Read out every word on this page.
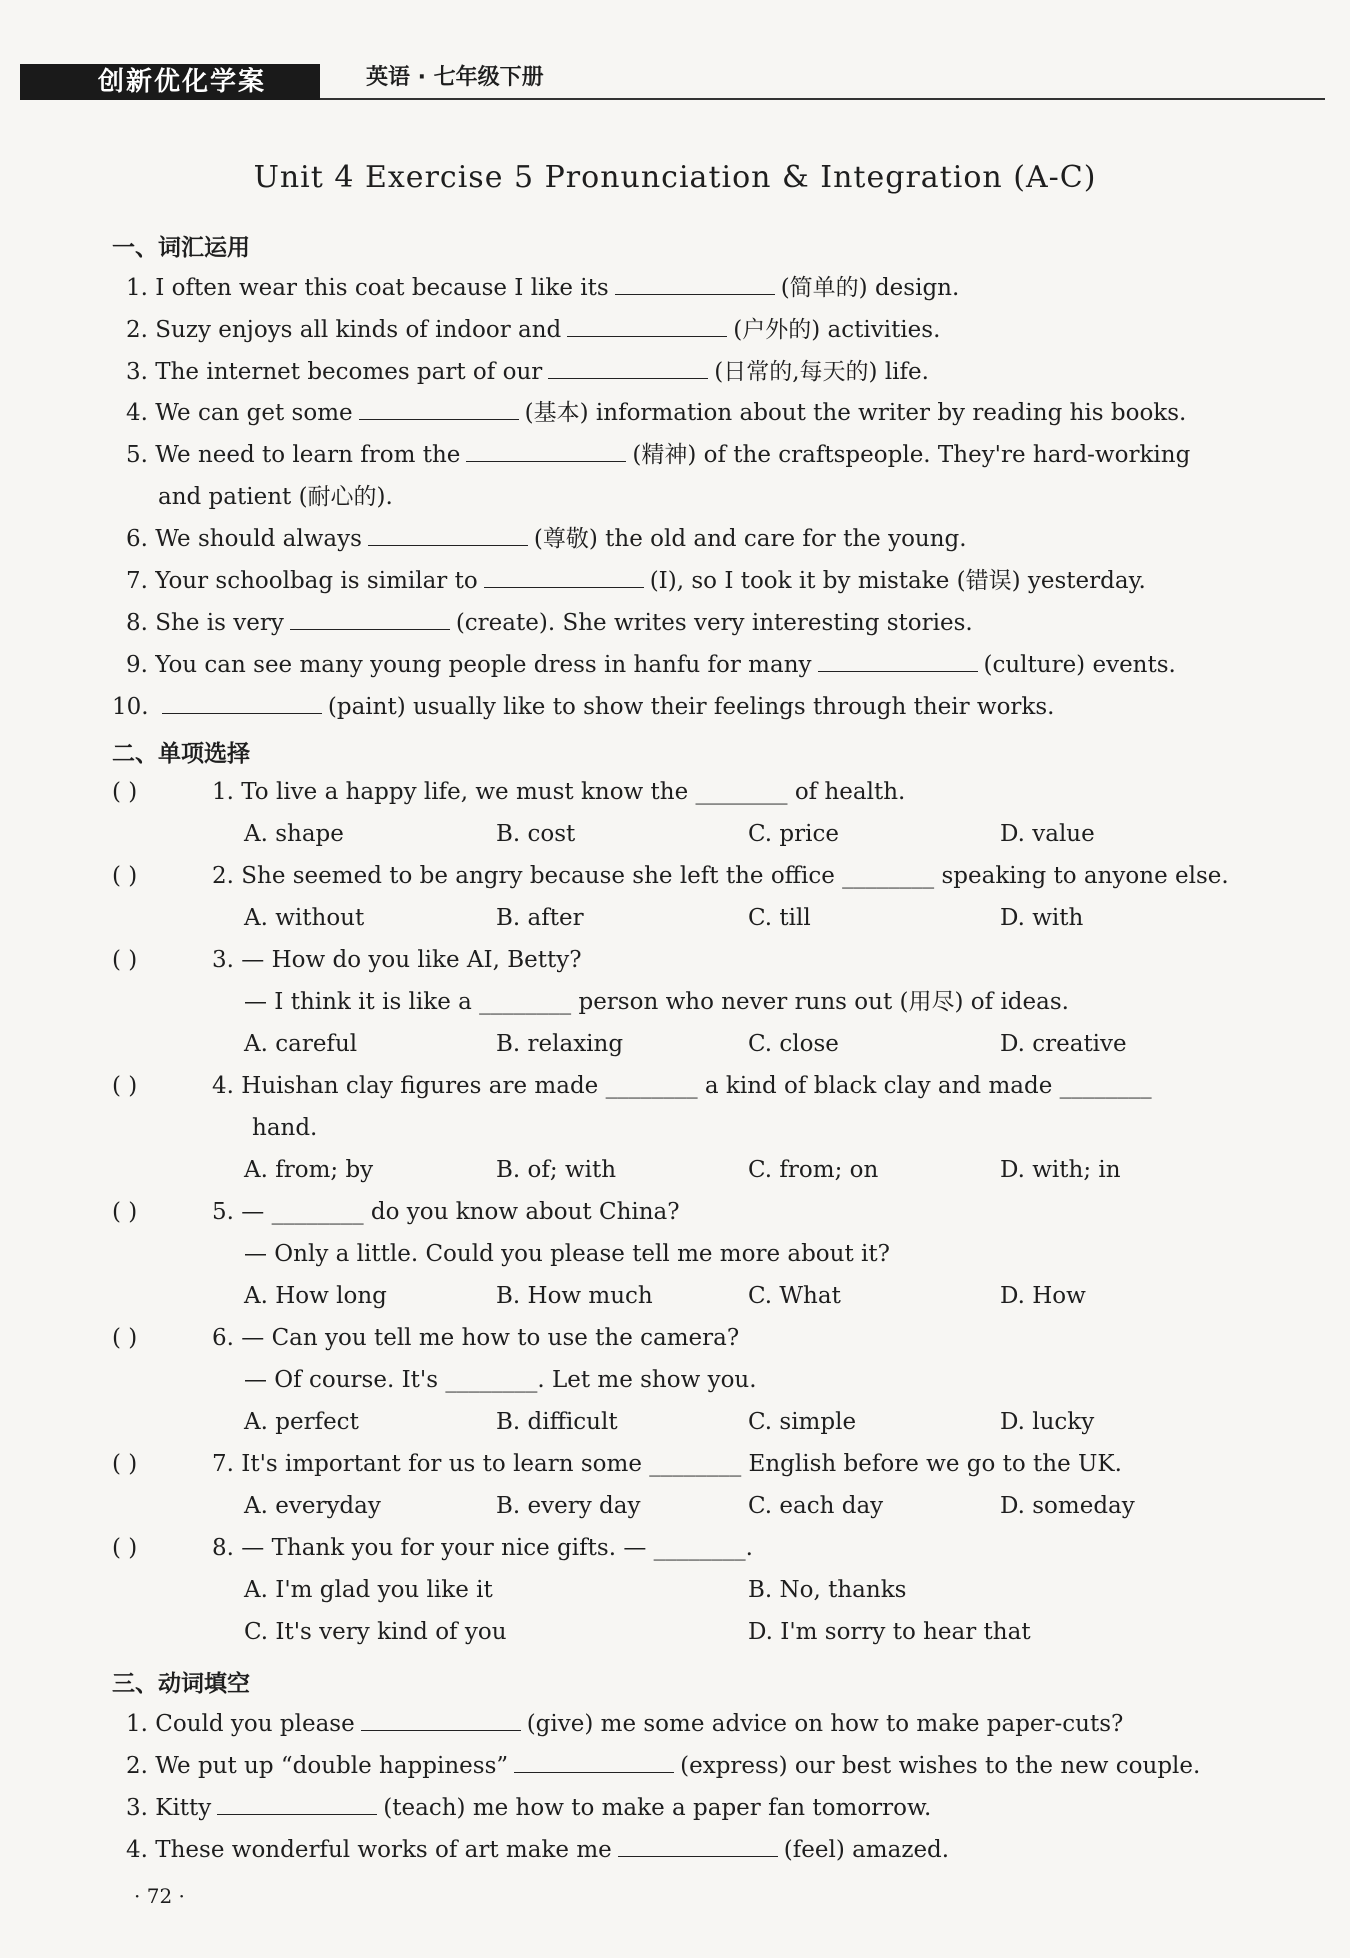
创新优化学案	英语 · 七年级下册
Unit 4 Exercise 5 Pronunciation & Integration (A-C)
一、词汇运用
1. I often wear this coat because I like its	(简单的) design.
2. Suzy enjoys all kinds of indoor and	(户外的) activities.
3. The internet becomes part of our	(日常的,每天的) life.
4. We can get some	(基本) information about the writer by reading his books.
5. We need to learn from the	(精神) of the craftspeople. They're hard-working
and patient (耐心的).
6. We should always	(尊敬) the old and care for the young.
7. Your schoolbag is similar to	(I), so I took it by mistake (错误) yesterday.
8. She is very	(create). She writes very interesting stories.
9. You can see many young people dress in hanfu for many	(culture) events.
10.	(paint) usually like to show their feelings through their works.
二、单项选择
( )	1. To live a happy life, we must know the ________ of health.
A. shape	B. cost	C. price	D. value
( )	2. She seemed to be angry because she left the office ________ speaking to anyone else.
A. without	B. after	C. till	D. with
( )	3. — How do you like AI, Betty?
— I think it is like a ________ person who never runs out (用尽) of ideas.
A. careful	B. relaxing	C. close	D. creative
( )	4. Huishan clay figures are made ________ a kind of black clay and made ________
hand.
A. from; by	B. of; with	C. from; on	D. with; in
( )	5. — ________ do you know about China?
— Only a little. Could you please tell me more about it?
A. How long	B. How much	C. What	D. How
( )	6. — Can you tell me how to use the camera?
— Of course. It's ________. Let me show you.
A. perfect	B. difficult	C. simple	D. lucky
( )	7. It's important for us to learn some ________ English before we go to the UK.
A. everyday	B. every day	C. each day	D. someday
( )	8. — Thank you for your nice gifts. — ________.
A. I'm glad you like it	B. No, thanks
C. It's very kind of you	D. I'm sorry to hear that
三、动词填空
1. Could you please	(give) me some advice on how to make paper-cuts?
2. We put up “double happiness”	(express) our best wishes to the new couple.
3. Kitty	(teach) me how to make a paper fan tomorrow.
4. These wonderful works of art make me	(feel) amazed.
· 72 ·
